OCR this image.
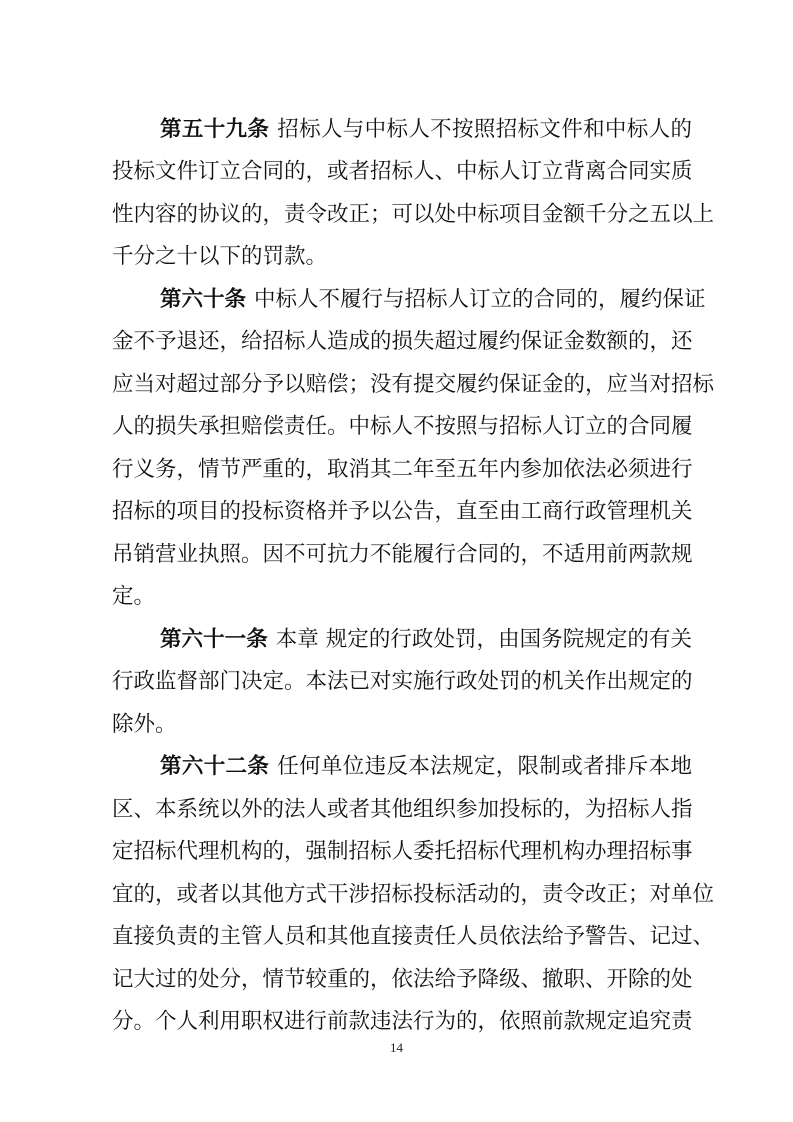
第五十九条 招标人与中标人不按照招标文件和中标人的
投标文件订立合同的，或者招标人、中标人订立背离合同实质
性内容的协议的，责令改正；可以处中标项目金额千分之五以上
千分之十以下的罚款。
第六十条 中标人不履行与招标人订立的合同的，履约保证
金不予退还，给招标人造成的损失超过履约保证金数额的，还
应当对超过部分予以赔偿；没有提交履约保证金的，应当对招标
人的损失承担赔偿责任。中标人不按照与招标人订立的合同履
行义务，情节严重的，取消其二年至五年内参加依法必须进行
招标的项目的投标资格并予以公告，直至由工商行政管理机关
吊销营业执照。因不可抗力不能履行合同的，不适用前两款规
定。
第六十一条 本章 规定的行政处罚，由国务院规定的有关
行政监督部门决定。本法已对实施行政处罚的机关作出规定的
除外。
第六十二条 任何单位违反本法规定，限制或者排斥本地
区、本系统以外的法人或者其他组织参加投标的，为招标人指
定招标代理机构的，强制招标人委托招标代理机构办理招标事
宜的，或者以其他方式干涉招标投标活动的，责令改正；对单位
直接负责的主管人员和其他直接责任人员依法给予警告、记过、
记大过的处分，情节较重的，依法给予降级、撤职、开除的处
分。个人利用职权进行前款违法行为的，依照前款规定追究责
14
